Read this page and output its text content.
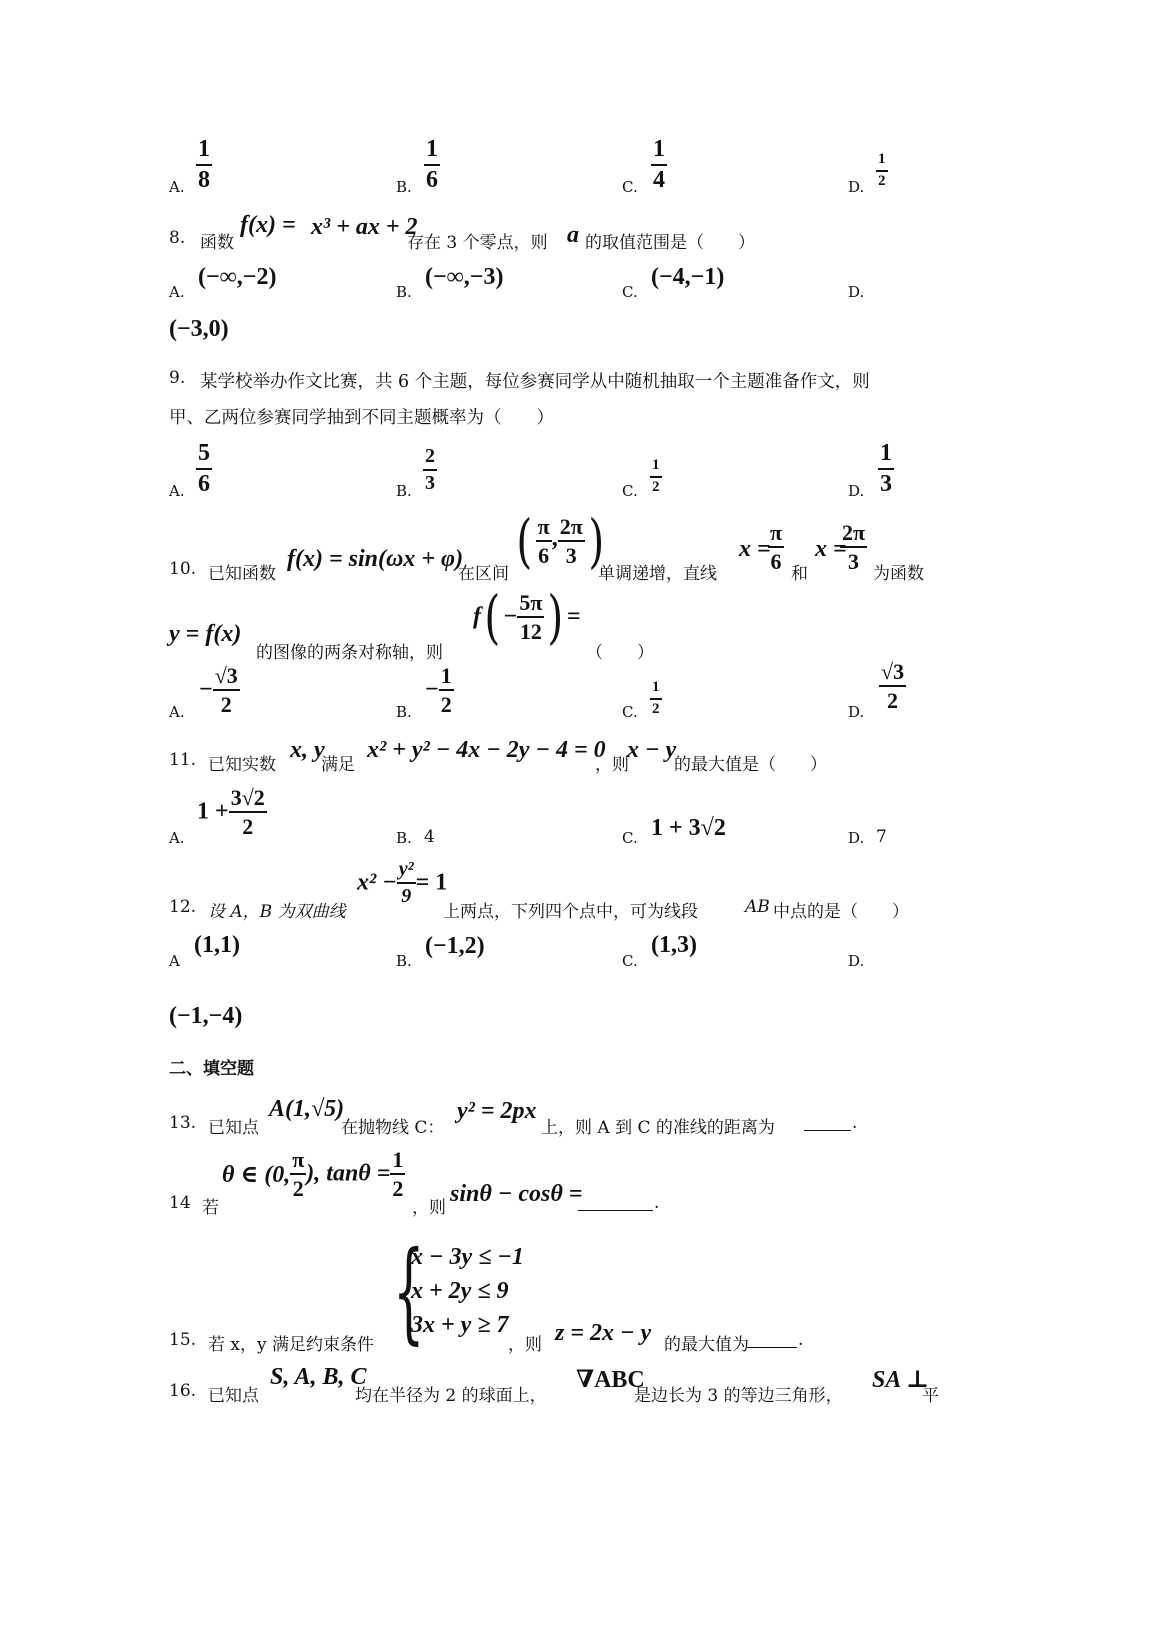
A. $\frac{1}{8}$	B. $\frac{1}{6}$	C. $\frac{1}{4}$	D. $\frac{1}{2}$
8. 函数
f(x) = x³ + ax + 2
存在 3 个零点，则 a 的取值范围是（　　）
A.
(−∞,−2)
B.
(−∞,−3)
C.
(−4,−1)
D.
(−3,0)
9. 某学校举办作文比赛，共 6 个主题，每位参赛同学从中随机抽取一个主题准备作文，则
甲、乙两位参赛同学抽到不同主题概率为（　　）
A. $\frac{5}{6}$	B. $\frac{2}{3}$	C. $\frac{1}{2}$	D. $\frac{1}{3}$
10. 已知函数
f(x) = sin(ωx + φ)
在区间 ( $\frac{\pi}{6}$ , $\frac{2\pi}{3}$ )
单调递增，直线
x =
$\frac{\pi}{6}$
和
x =
$\frac{2\pi}{3}$
为函数
y = f(x)
的图像的两条对称轴，则
$f( - \frac{5\pi}{12}$ ) =
（　　）
A.
− $\frac{√3}{2}$	B.
− $\frac{1}{2}$	C. $\frac{1}{2}$	D. $\frac{√3}{2}$
11. 已知实数
x, y
满足
x² + y² − 4x − 2y − 4 = 0
，则
x − y
的最大值是（　　）
A.
$1 + \frac{3√2}{2}$	B. 4	C. 1 + 3√2	D. 7
12. 设 A，B 为双曲线
$x^2 - \frac{\text{y²}}{9} = 1$
上两点，下列四个点中，可为线段	AB 中点的是（　　）
A
(1,1)
B.
(−1,2)
C.
(1,3)
D.
(−1,−4)
二、填空题
13. 已知点
A(1,√5)
在抛物线 C：
y² = 2px
上，则 A 到 C 的准线的距离为	.
14 若
θ ∈ (0, $\frac{\pi}{2}$ ), $\tan\theta = \frac{1}{2}$
，则
sinθ − cosθ =	.
15. 若 x，y 满足约束条件 {
x − 3y ≤ −1
x + 2y ≤ 9
3x + y ≥ 7
，则 z = 2x − y 的最大值为	.
16. 已知点
S, A, B, C
均在半径为 2 的球面上，
∇ABC
是边长为 3 的等边三角形，
SA ⊥
平
